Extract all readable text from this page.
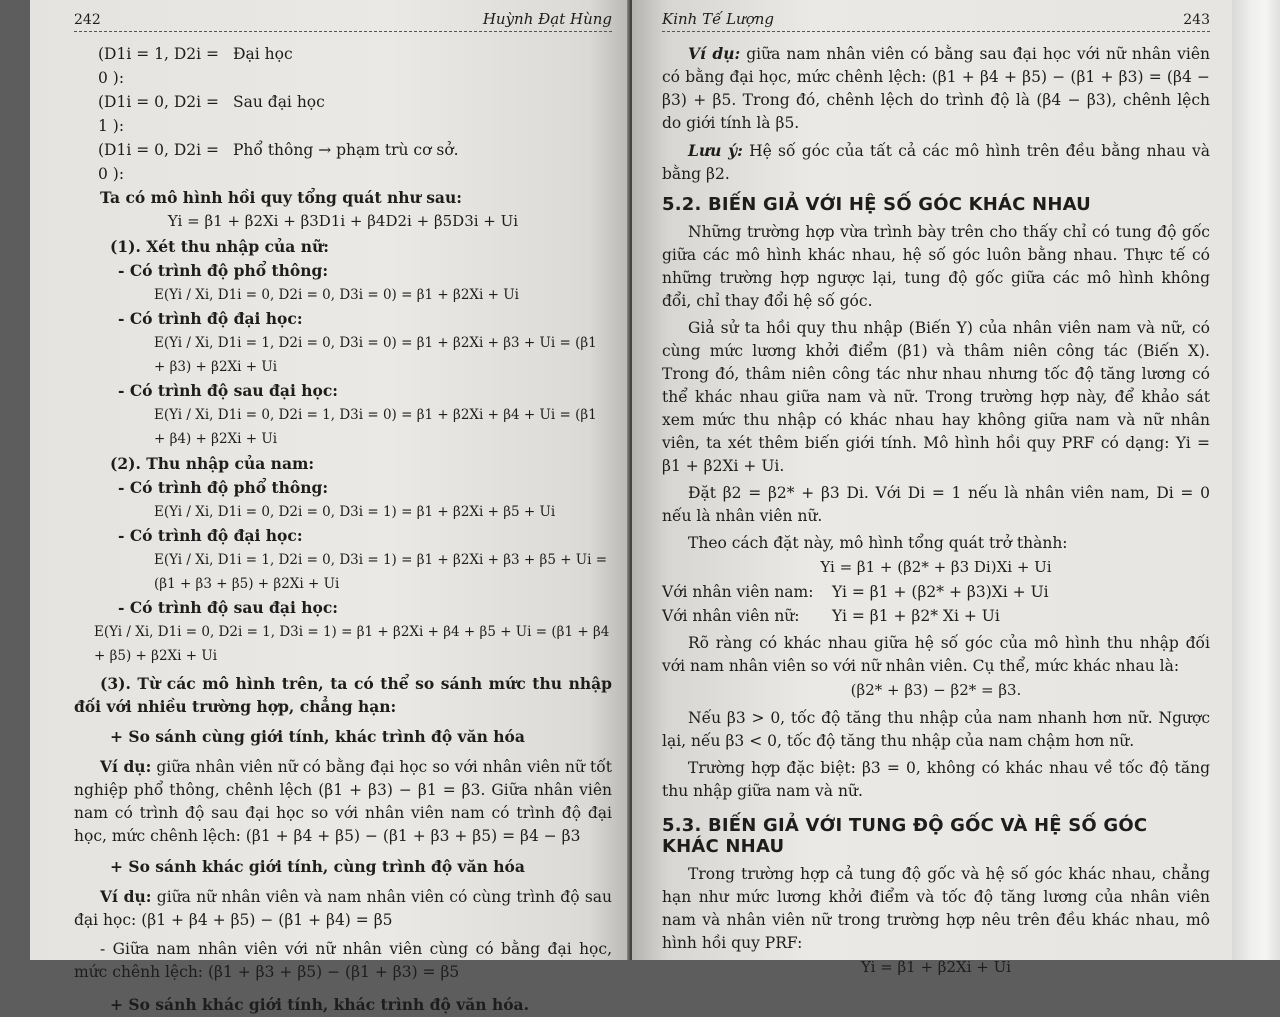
242	Huỳnh Đạt Hùng
(D1i = 1, D2i = 0 ):
Đại học
(D1i = 0, D2i = 1 ):
Sau đại học
(D1i = 0, D2i = 0 ):
Phổ thông → phạm trù cơ sở.

Ta có mô hình hồi quy tổng quát như sau:

Yi = β1 + β2Xi + β3D1i + β4D2i + β5D3i + Ui
(1). Xét thu nhập của nữ:
- Có trình độ phổ thông:
E(Yi / Xi, D1i = 0, D2i = 0, D3i = 0) = β1 + β2Xi + Ui
- Có trình độ đại học:
E(Yi / Xi, D1i = 1, D2i = 0, D3i = 0) = β1 + β2Xi + β3 + Ui = (β1 + β3) + β2Xi + Ui
- Có trình độ sau đại học:
E(Yi / Xi, D1i = 0, D2i = 1, D3i = 0) = β1 + β2Xi + β4 + Ui = (β1 + β4) + β2Xi + Ui
(2). Thu nhập của nam:
- Có trình độ phổ thông:
E(Yi / Xi, D1i = 0, D2i = 0, D3i = 1) = β1 + β2Xi + β5 + Ui
- Có trình độ đại học:
E(Yi / Xi, D1i = 1, D2i = 0, D3i = 1) = β1 + β2Xi + β3 + β5 + Ui = (β1 + β3 + β5) + β2Xi + Ui
- Có trình độ sau đại học:
E(Yi / Xi, D1i = 0, D2i = 1, D3i = 1) = β1 + β2Xi + β4 + β5 + Ui = (β1 + β4 + β5) + β2Xi + Ui

(3). Từ các mô hình trên, ta có thể so sánh mức thu nhập đối với nhiều trường hợp, chẳng hạn:

+ So sánh cùng giới tính, khác trình độ văn hóa

Ví dụ: giữa nhân viên nữ có bằng đại học so với nhân viên nữ tốt nghiệp phổ thông, chênh lệch (β1 + β3) − β1 = β3. Giữa nhân viên nam có trình độ sau đại học so với nhân viên nam có trình độ đại học, mức chênh lệch: (β1 + β4 + β5) − (β1 + β3 + β5) = β4 − β3

+ So sánh khác giới tính, cùng trình độ văn hóa

Ví dụ: giữa nữ nhân viên và nam nhân viên có cùng trình độ sau đại học: (β1 + β4 + β5) − (β1 + β4) = β5

- Giữa nam nhân viên với nữ nhân viên cùng có bằng đại học, mức chênh lệch: (β1 + β3 + β5) − (β1 + β3) = β5

+ So sánh khác giới tính, khác trình độ văn hóa.
Kinh Tế Lượng	243

Ví dụ: giữa nam nhân viên có bằng sau đại học với nữ nhân viên có bằng đại học, mức chênh lệch: (β1 + β4 + β5) − (β1 + β3) = (β4 − β3) + β5. Trong đó, chênh lệch do trình độ là (β4 − β3), chênh lệch do giới tính là β5.

Lưu ý: Hệ số góc của tất cả các mô hình trên đều bằng nhau và bằng β2.

5.2. BIẾN GIẢ VỚI HỆ SỐ GÓC KHÁC NHAU

Những trường hợp vừa trình bày trên cho thấy chỉ có tung độ gốc giữa các mô hình khác nhau, hệ số góc luôn bằng nhau. Thực tế có những trường hợp ngược lại, tung độ gốc giữa các mô hình không đổi, chỉ thay đổi hệ số góc.

Giả sử ta hồi quy thu nhập (Biến Y) của nhân viên nam và nữ, có cùng mức lương khởi điểm (β1) và thâm niên công tác (Biến X). Trong đó, thâm niên công tác như nhau nhưng tốc độ tăng lương có thể khác nhau giữa nam và nữ. Trong trường hợp này, để khảo sát xem mức thu nhập có khác nhau hay không giữa nam và nữ nhân viên, ta xét thêm biến giới tính. Mô hình hồi quy PRF có dạng: Yi = β1 + β2Xi + Ui.

Đặt β2 = β2* + β3 Di. Với Di = 1 nếu là nhân viên nam, Di = 0 nếu là nhân viên nữ.

Theo cách đặt này, mô hình tổng quát trở thành:

Yi = β1 + (β2* + β3 Di)Xi + Ui
Với nhân viên nam:	Yi = β1 + (β2* + β3)Xi + Ui
Với nhân viên nữ:	Yi = β1 + β2* Xi + Ui

Rõ ràng có khác nhau giữa hệ số góc của mô hình thu nhập đối với nam nhân viên so với nữ nhân viên. Cụ thể, mức khác nhau là:

(β2* + β3) − β2* = β3.

Nếu β3 > 0, tốc độ tăng thu nhập của nam nhanh hơn nữ. Ngược lại, nếu β3 < 0, tốc độ tăng thu nhập của nam chậm hơn nữ.

Trường hợp đặc biệt: β3 = 0, không có khác nhau về tốc độ tăng thu nhập giữa nam và nữ.

5.3. BIẾN GIẢ VỚI TUNG ĐỘ GỐC VÀ HỆ SỐ GÓC KHÁC NHAU

Trong trường hợp cả tung độ gốc và hệ số góc khác nhau, chẳng hạn như mức lương khởi điểm và tốc độ tăng lương của nhân viên nam và nhân viên nữ trong trường hợp nêu trên đều khác nhau, mô hình hồi quy PRF:

Yi = β1 + β2Xi + Ui
